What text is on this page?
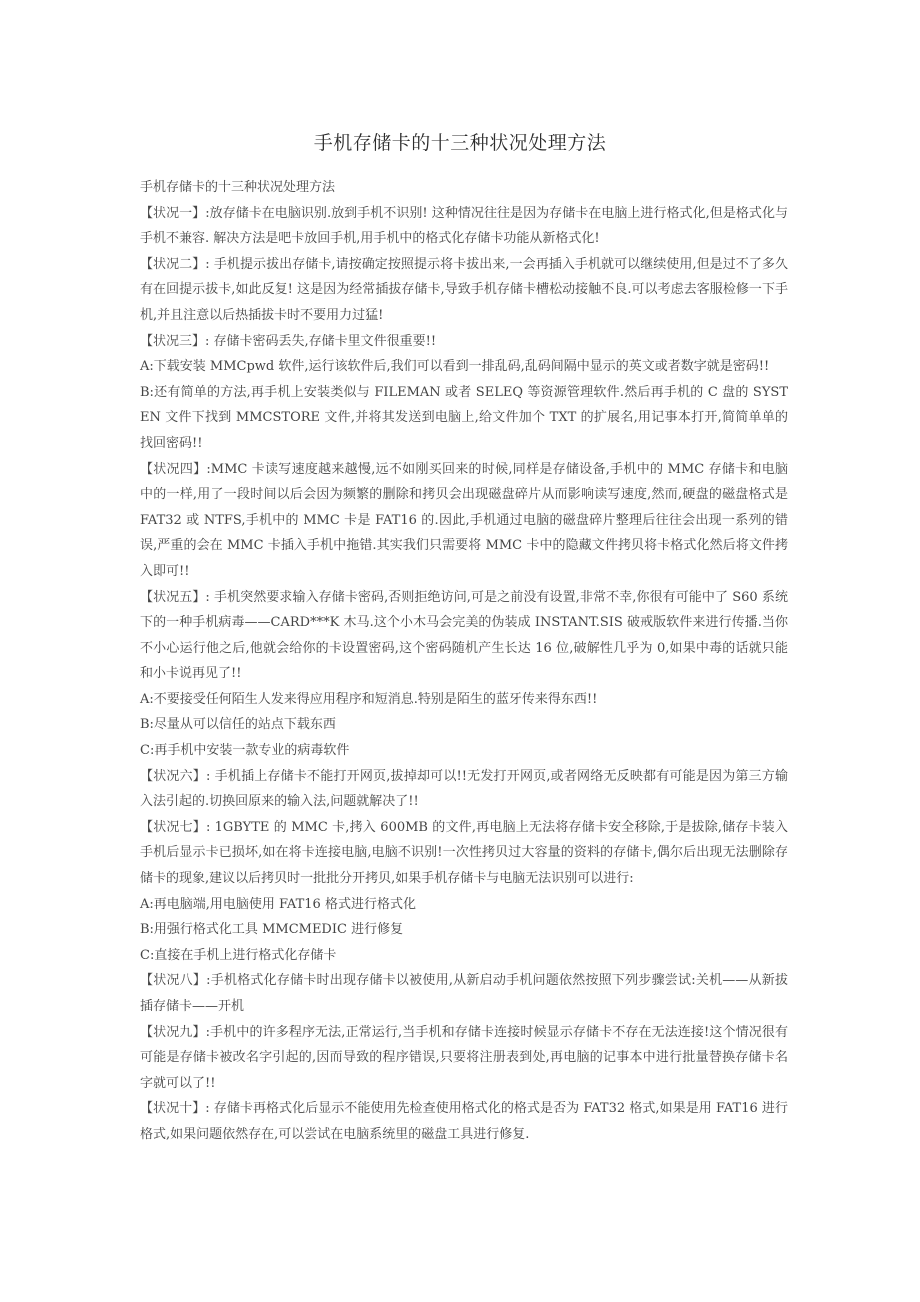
手机存储卡的十三种状况处理方法

手机存储卡的十三种状况处理方法

【状况一】:放存储卡在电脑识别.放到手机不识别! 这种情况往往是因为存储卡在电脑上进行格式化,但是格式化与手机不兼容. 解决方法是吧卡放回手机,用手机中的格式化存储卡功能从新格式化!

【状况二】: 手机提示拔出存储卡,请按确定按照提示将卡拔出来,一会再插入手机就可以继续使用,但是过不了多久有在回提示拔卡,如此反复! 这是因为经常插拔存储卡,导致手机存储卡槽松动接触不良.可以考虑去客服检修一下手机,并且注意以后热插拔卡时不要用力过猛!

【状况三】: 存储卡密码丢失,存储卡里文件很重要!!

A:下载安装 MMCpwd 软件,运行该软件后,我们可以看到一排乱码,乱码间隔中显示的英文或者数字就是密码!!

B:还有简单的方法,再手机上安装类似与 FILEMAN 或者 SELEQ 等资源管理软件.然后再手机的 C 盘的 SYSTEN 文件下找到 MMCSTORE 文件,并将其发送到电脑上,给文件加个 TXT 的扩展名,用记事本打开,简简单单的找回密码!!

【状况四】:MMC 卡读写速度越来越慢,远不如刚买回来的时候,同样是存储设备,手机中的 MMC 存储卡和电脑中的一样,用了一段时间以后会因为频繁的删除和拷贝会出现磁盘碎片从而影响读写速度,然而,硬盘的磁盘格式是 FAT32 或 NTFS,手机中的 MMC 卡是 FAT16 的.因此,手机通过电脑的磁盘碎片整理后往往会出现一系列的错误,严重的会在 MMC 卡插入手机中拖错.其实我们只需要将 MMC 卡中的隐藏文件拷贝将卡格式化然后将文件拷入即可!!

【状况五】: 手机突然要求输入存储卡密码,否则拒绝访问,可是之前没有设置,非常不幸,你很有可能中了 S60 系统下的一种手机病毒——CARD***K 木马.这个小木马会完美的伪装成 INSTANT.SIS 破戒版软件来进行传播.当你不小心运行他之后,他就会给你的卡设置密码,这个密码随机产生长达 16 位,破解性几乎为 0,如果中毒的话就只能和小卡说再见了!!

A:不要接受任何陌生人发来得应用程序和短消息.特别是陌生的蓝牙传来得东西!!

B:尽量从可以信任的站点下载东西

C:再手机中安装一款专业的病毒软件

【状况六】: 手机插上存储卡不能打开网页,拔掉却可以!!无发打开网页,或者网络无反映都有可能是因为第三方输入法引起的.切换回原来的输入法,问题就解决了!!

【状况七】: 1GBYTE 的 MMC 卡,拷入 600MB 的文件,再电脑上无法将存储卡安全移除,于是拔除,储存卡装入手机后显示卡已损坏,如在将卡连接电脑,电脑不识别!一次性拷贝过大容量的资料的存储卡,偶尔后出现无法删除存储卡的现象,建议以后拷贝时一批批分开拷贝,如果手机存储卡与电脑无法识别可以进行:

A:再电脑端,用电脑使用 FAT16 格式进行格式化

B:用强行格式化工具 MMCMEDIC 进行修复

C:直接在手机上进行格式化存储卡

【状况八】:手机格式化存储卡时出现存储卡以被使用,从新启动手机问题依然按照下列步骤尝试:关机——从新拔插存储卡——开机

【状况九】:手机中的许多程序无法,正常运行,当手机和存储卡连接时候显示存储卡不存在无法连接!这个情况很有可能是存储卡被改名字引起的,因而导致的程序错误,只要将注册表到处,再电脑的记事本中进行批量替换存储卡名字就可以了!!

【状况十】: 存储卡再格式化后显示不能使用先检查使用格式化的格式是否为 FAT32 格式,如果是用 FAT16 进行格式,如果问题依然存在,可以尝试在电脑系统里的磁盘工具进行修复.
